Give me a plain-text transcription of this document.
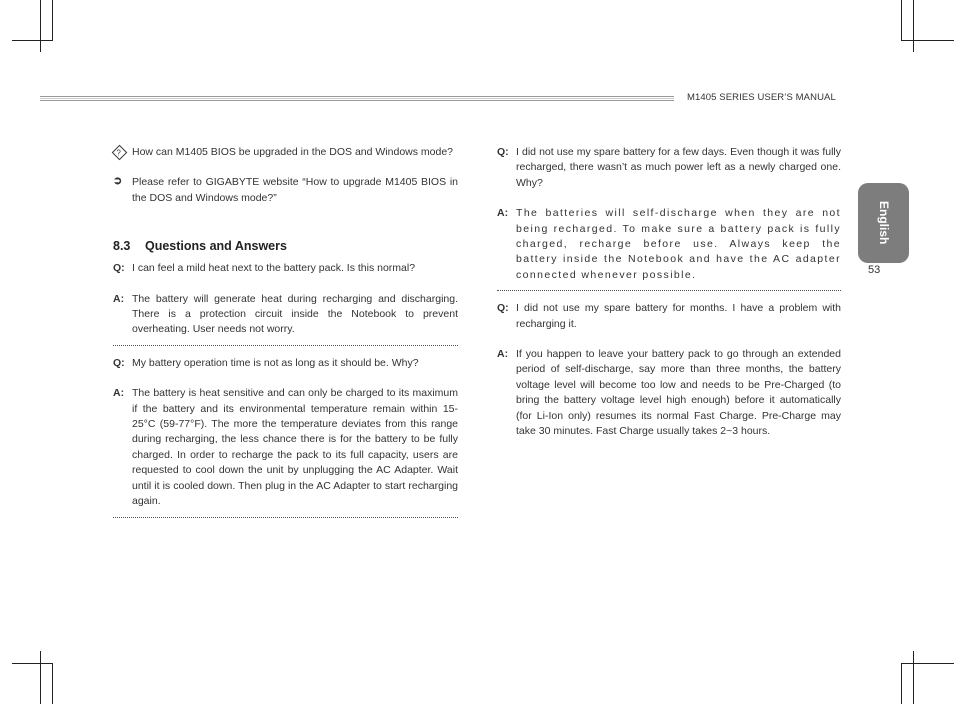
M1405 SERIES USER’S MANUAL
English
53
? How can M1405 BIOS be upgraded in the DOS and Windows mode?
➲ Please refer to GIGABYTE website “How to upgrade M1405 BIOS in the DOS and Windows mode?”
8.3 Questions and Answers
Q: I can feel a mild heat next to the battery pack. Is this normal?
A: The battery will generate heat during recharging and discharging. There is a protection circuit inside the Notebook to prevent overheating. User needs not worry.
Q: My battery operation time is not as long as it should be. Why?
A: The battery is heat sensitive and can only be charged to its maximum if the battery and its environmental temperature remain within 15-25°C (59-77°F). The more the temperature deviates from this range during recharging, the less chance there is for the battery to be fully charged. In order to recharge the pack to its full capacity, users are requested to cool down the unit by unplugging the AC Adapter. Wait until it is cooled down. Then plug in the AC Adapter to start recharging again.
Q: I did not use my spare battery for a few days. Even though it was fully recharged, there wasn’t as much power left as a newly charged one. Why?
A: The batteries will self-discharge when they are not being recharged. To make sure a battery pack is fully charged, recharge before use. Always keep the battery inside the Notebook and have the AC adapter connected whenever possible.
Q: I did not use my spare battery for months. I have a problem with recharging it.
A: If you happen to leave your battery pack to go through an extended period of self-discharge, say more than three months, the battery voltage level will become too low and needs to be Pre-Charged (to bring the battery voltage level high enough) before it automatically (for Li-Ion only) resumes its normal Fast Charge. Pre-Charge may take 30 minutes. Fast Charge usually takes 2~3 hours.
